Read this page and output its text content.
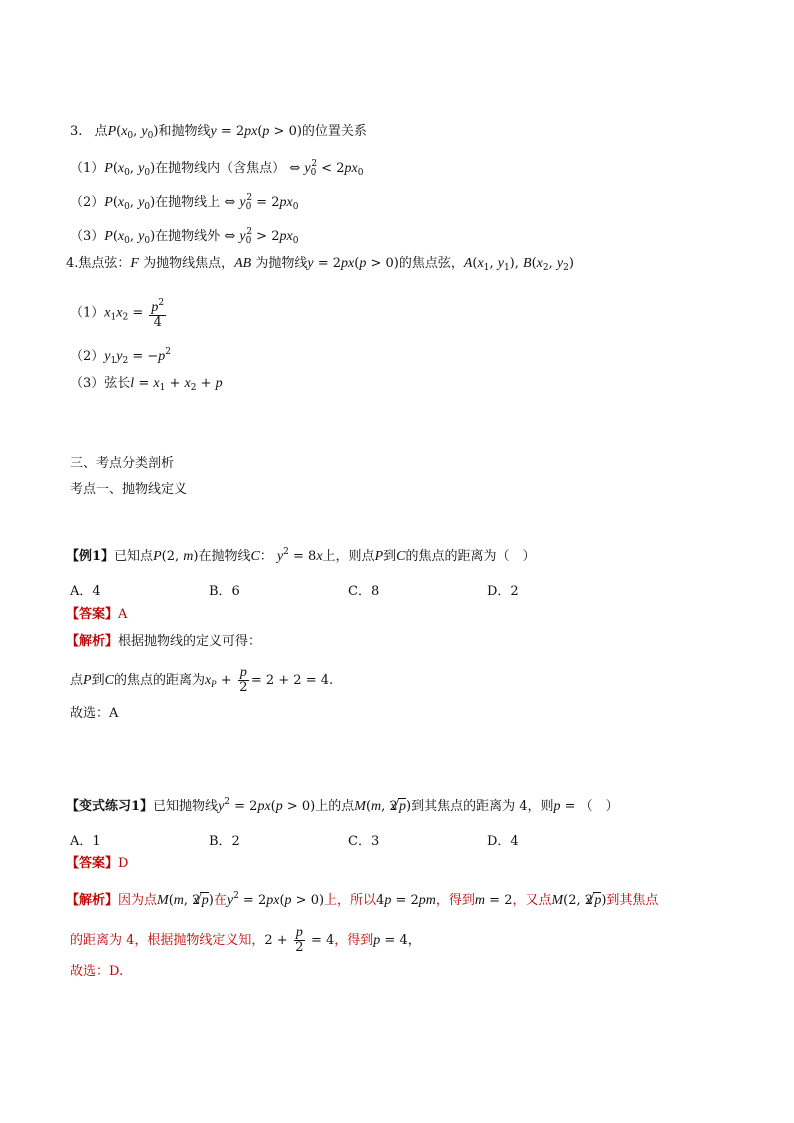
3. 点$P(x_0$, $y_0$)和抛物线y = 2px(p > 0)的位置关系
$(1)P(x_0$, $y_0$)在抛物线内（含焦点） ⇔ $y_0^2 < 2px_0$
$(2)P(x_0$, $y_0$)在抛物线上 ⇔ $y_0^2 = 2px_0$
$(3)P(x_0$, $y_0$)在抛物线外 ⇔ $y_0^2 > 2px_0$
4.焦点弦：F 为抛物线焦点，AB 为抛物线y = 2px(p > 0)的焦点弦，$A(x_1$, $y_1$), $B(x_2$, $y_2$)
$(1)x_1x_2 = \frac{p^2}{4}$
$(2)y_1y_2 = -p^2$
（3）弦长$l = x_1 + x_2 + p$
三、考点分类剖析
考点一、抛物线定义
【例1】已知点P(2, m)在抛物线C： $y^2 = 8x$上，则点P到C的焦点的距离为（　）
A．4	B．6	C．8	D．2
【答案】A
【解析】根据抛物线的定义可得：
点P到C的焦点的距离为$x_P + \frac{p}{2} = 2 + 2 = 4$.
故选：A
【变式练习1】已知抛物线$y^2 = 2px(p > 0)$上的点M(m, 2√ p)到其焦点的距离为 4，则p = （　）
A．1	B．2	C．3	D．4
【答案】D
【解析】因为点M(m, 2√ p)在$y^2 = 2px(p > 0)$上，所以4p = 2pm，得到m = 2，又点M(2, 2√ p)到其焦点
的距离为 4，根据抛物线定义知，$2 + \frac{p}{2} = 4$，得到p = 4，
故选：D.
